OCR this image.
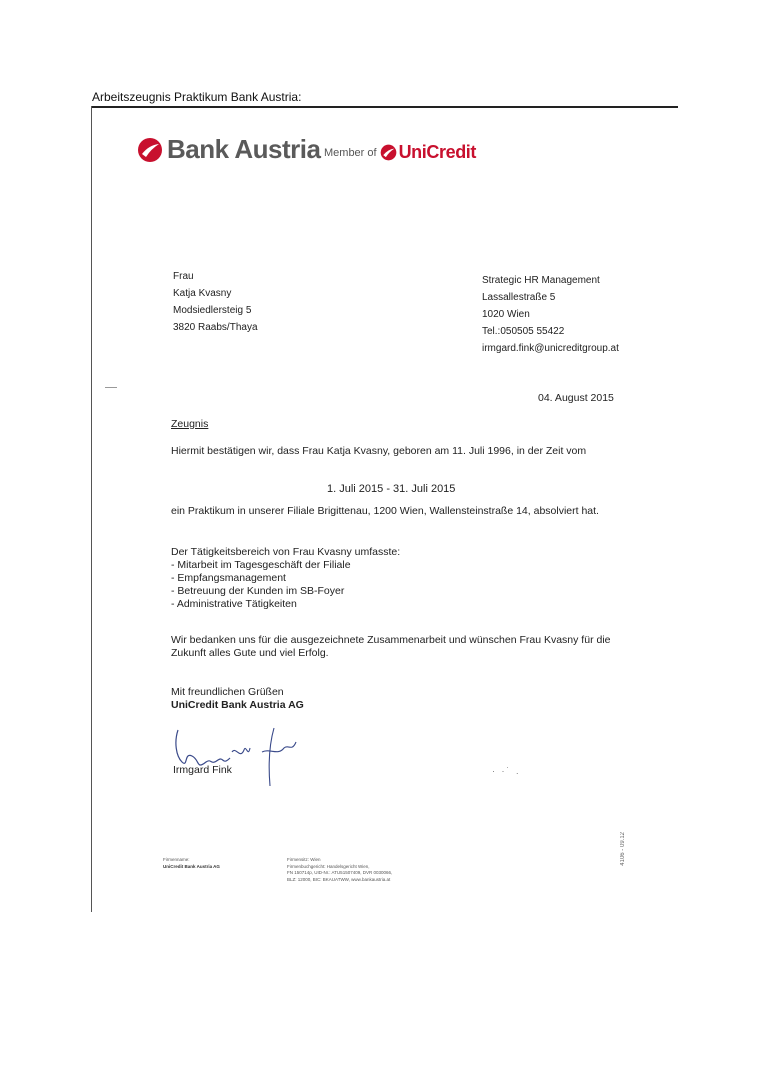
Arbeitszeugnis Praktikum Bank Austria:
Bank Austria Member of UniCredit
Frau
Katja Kvasny
Modsiedlersteig 5
3820 Raabs/Thaya
Strategic HR Management
Lassallestraße 5
1020 Wien
Tel.:050505 55422
irmgard.fink@unicreditgroup.at
04. August 2015
Zeugnis
Hiermit bestätigen wir, dass Frau Katja Kvasny, geboren am 11. Juli 1996, in der Zeit vom
1. Juli 2015 - 31. Juli 2015
ein Praktikum in unserer Filiale Brigittenau, 1200 Wien, Wallensteinstraße 14, absolviert hat.
Der Tätigkeitsbereich von Frau Kvasny umfasste:
- Mitarbeit im Tagesgeschäft der Filiale
- Empfangsmanagement
- Betreuung der Kunden im SB-Foyer
- Administrative Tätigkeiten
Wir bedanken uns für die ausgezeichnete Zusammenarbeit und wünschen Frau Kvasny für die Zukunft alles Gute und viel Erfolg.
Mit freundlichen Grüßen
UniCredit Bank Austria AG
Irmgard Fink	· ·˙ .
4106 - 09.12
Firmenname:
UniCredit Bank Austria AG
Firmensitz: Wien
Firmenbuchgericht: Handelsgericht Wien,
FN 150714p, UID-Nr.: ATU51507409, DVR 0030066,
BLZ: 12000, BIC: BKAUATWW, www.bankaustria.at
